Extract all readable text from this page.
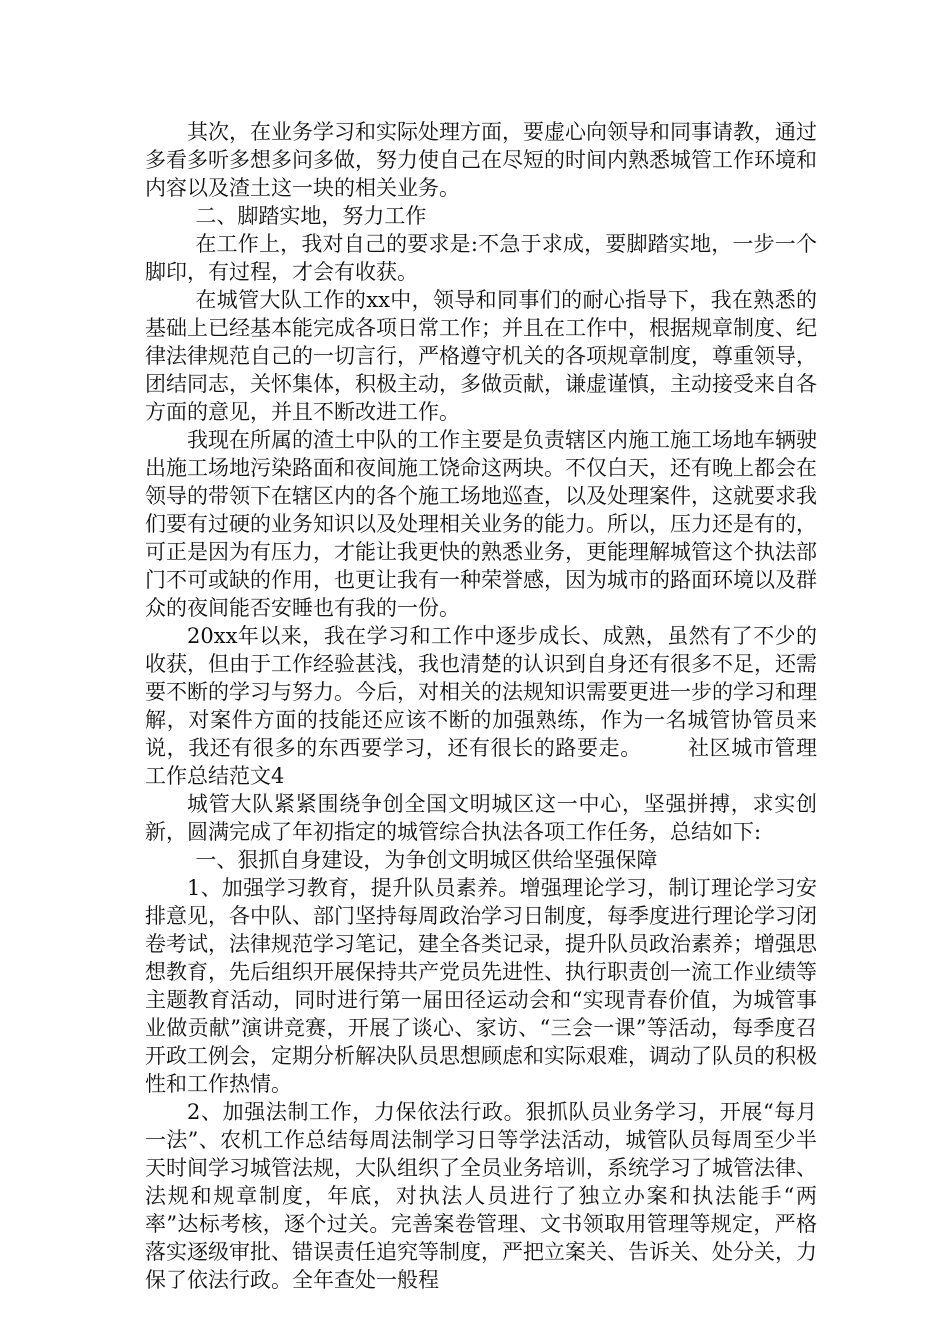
其次，在业务学习和实际处理方面，要虚心向领导和同事请教，通过多看多听多想多问多做，努力使自己在尽短的时间内熟悉城管工作环境和内容以及渣土这一块的相关业务。

二、脚踏实地，努力工作

在工作上，我对自己的要求是:不急于求成，要脚踏实地，一步一个脚印，有过程，才会有收获。

在城管大队工作的xx中，领导和同事们的耐心指导下，我在熟悉的基础上已经基本能完成各项日常工作；并且在工作中，根据规章制度、纪律法律规范自己的一切言行，严格遵守机关的各项规章制度，尊重领导，团结同志，关怀集体，积极主动，多做贡献，谦虚谨慎，主动接受来自各方面的意见，并且不断改进工作。

我现在所属的渣土中队的工作主要是负责辖区内施工施工场地车辆驶出施工场地污染路面和夜间施工饶命这两块。不仅白天，还有晚上都会在领导的带领下在辖区内的各个施工场地巡查，以及处理案件，这就要求我们要有过硬的业务知识以及处理相关业务的能力。所以，压力还是有的，可正是因为有压力，才能让我更快的熟悉业务，更能理解城管这个执法部门不可或缺的作用，也更让我有一种荣誉感，因为城市的路面环境以及群众的夜间能否安睡也有我的一份。

20xx年以来，我在学习和工作中逐步成长、成熟，虽然有了不少的收获，但由于工作经验甚浅，我也清楚的认识到自身还有很多不足，还需要不断的学习与努力。今后，对相关的法规知识需要更进一步的学习和理解，对案件方面的技能还应该不断的加强熟练，作为一名城管协管员来说，我还有很多的东西要学习，还有很长的路要走。 社区城市管理工作总结范文4

城管大队紧紧围绕争创全国文明城区这一中心，坚强拼搏，求实创新，圆满完成了年初指定的城管综合执法各项工作任务，总结如下:

一、狠抓自身建设，为争创文明城区供给坚强保障

1、加强学习教育，提升队员素养。增强理论学习，制订理论学习安排意见，各中队、部门坚持每周政治学习日制度，每季度进行理论学习闭卷考试，法律规范学习笔记，建全各类记录，提升队员政治素养；增强思想教育，先后组织开展保持共产党员先进性、执行职责创一流工作业绩等主题教育活动，同时进行第一届田径运动会和“实现青春价值，为城管事业做贡献”演讲竞赛，开展了谈心、家访、“三会一课”等活动，每季度召开政工例会，定期分析解决队员思想顾虑和实际艰难，调动了队员的积极性和工作热情。

2、加强法制工作，力保依法行政。狠抓队员业务学习，开展“每月一法”、农机工作总结每周法制学习日等学法活动，城管队员每周至少半天时间学习城管法规，大队组织了全员业务培训，系统学习了城管法律、法规和规章制度，年底，对执法人员进行了独立办案和执法能手“两率”达标考核，逐个过关。完善案卷管理、文书领取用管理等规定，严格落实逐级审批、错误责任追究等制度，严把立案关、告诉关、处分关，力保了依法行政。全年查处一般程
